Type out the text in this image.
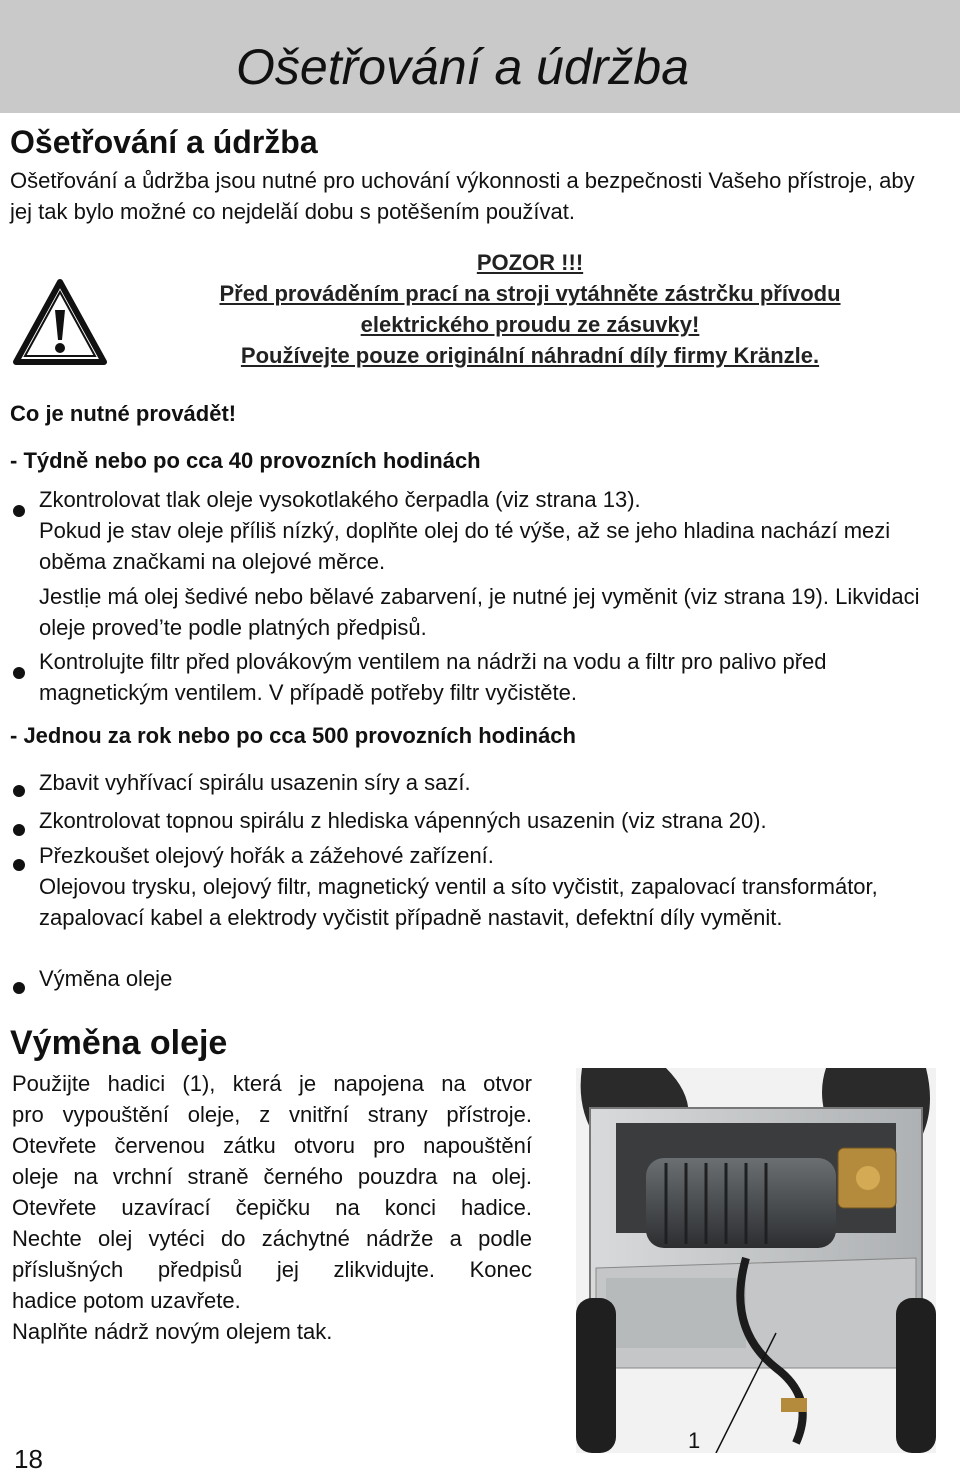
Ošetřování a údržba
Ošetřování a údržba
Ošetřování a ůdržba jsou nutné pro uchování výkonnosti a bezpečnosti Vašeho přístroje, aby jej tak bylo možné co nejdelăí dobu s potěšením používat.
POZOR !!!
Před prováděním prací na stroji vytáhněte zástrčku přívodu
elektrického proudu ze zásuvky!
Používejte pouze originální náhradní díly firmy Kränzle.
Co je nutné provádět!
- Týdně nebo po cca 40 provozních hodinách
Zkontrolovat tlak oleje vysokotlakého čerpadla (viz strana 13).
Pokud je stav oleje příliš nízký, doplňte olej do té výše, až se jeho hladina nachází mezi oběma značkami na olejové měrce.
Jestlịe má olej šedivé nebo bělavé zabarvení, je nutné jej vyměnit (viz strana 19). Likvidaci oleje proved’te podle platných předpisů.
Kontrolujte filtr před plovákovým ventilem na nádrži na vodu a filtr pro palivo před magnetickým ventilem. V případě potřeby filtr vyčistěte.
- Jednou za rok nebo po cca 500 provozních hodinách
Zbavit vyhřívací spirálu usazenin síry a sazí.
Zkontrolovat topnou spirálu z hlediska vápenných usazenin (viz strana 20).
Přezkoušet olejový hořák a zážehové zařízení.
Olejovou trysku, olejový filtr, magnetický ventil a síto vyčistit, zapalovací transformátor, zapalovací kabel a elektrody vyčistit případně nastavit, defektní díly vyměnit.
Výměna oleje
Výměna oleje

Použijte hadici (1), která je napojena na otvor

pro vypouštění oleje, z vnitřní strany přístroje.

Otevřete červenou zátku otvoru pro napouštění

oleje na vrchní straně černého pouzdra na olej.

Otevřete uzavírací čepičku na konci hadice.

Nechte olej vytéci do záchytné nádrže a podle

příslušných předpisů jej zlikvidujte. Konec

hadice potom uzavřete.

Naplňte nádrž novým olejem tak.

1
18
